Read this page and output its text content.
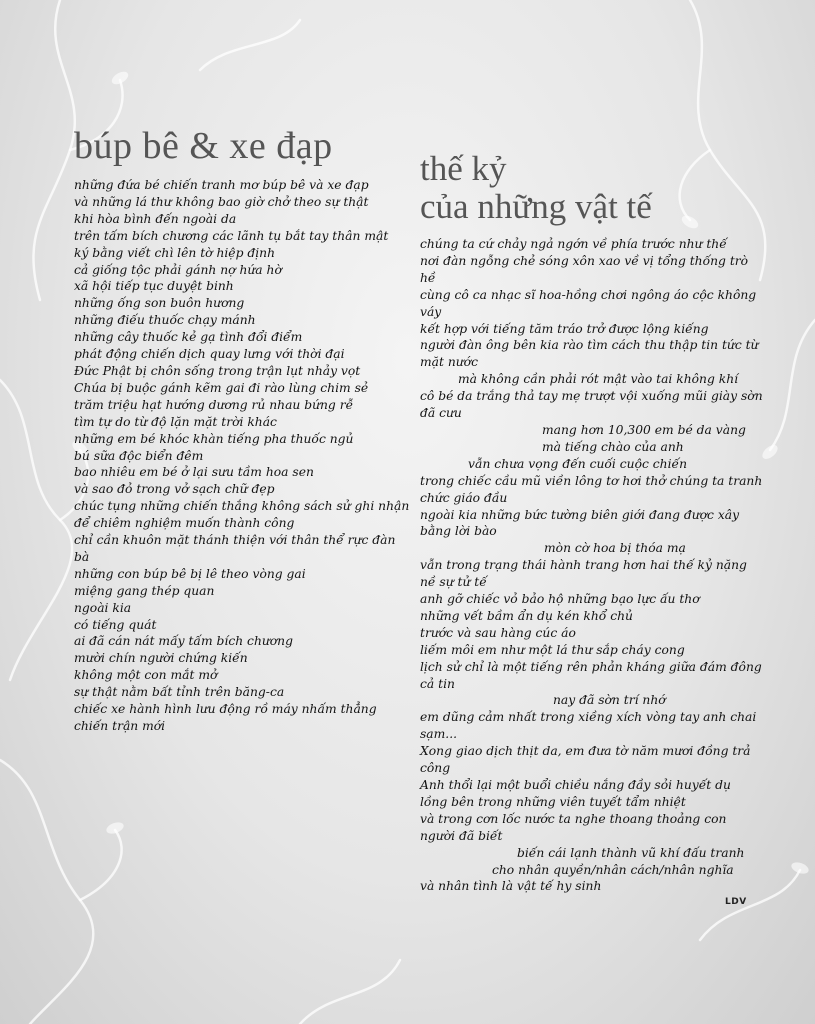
búp bê & xe đạp
thế kỷ
của những vật tế
những đứa bé chiến tranh mơ búp bê và xe đạp
và những lá thư không bao giờ chở theo sự thật
khi hòa bình đến ngoài da
trên tấm bích chương các lãnh tụ bắt tay thân mật
ký bằng viết chì lên tờ hiệp định
cả giống tộc phải gánh nợ hứa hờ
xã hội tiếp tục duyệt binh
những ống son buôn hương
những điếu thuốc chạy mánh
những cây thuốc kẻ gạ tình đổi điểm
phát động chiến dịch quay lưng với thời đại
Đức Phật bị chôn sống trong trận lụt nhảy vọt
Chúa bị buộc gánh kẽm gai đi rào lùng chim sẻ
trăm triệu hạt hướng dương rủ nhau bứng rễ
tìm tự do từ độ lặn mặt trời khác
những em bé khóc khàn tiếng pha thuốc ngủ
bú sữa độc biển đêm
bao nhiêu em bé ở lại sưu tầm hoa sen
và sao đỏ trong vở sạch chữ đẹp
chúc tụng những chiến thắng không sách sử ghi nhận
để chiêm nghiệm muốn thành công
chỉ cần khuôn mặt thánh thiện với thân thể rực đàn bà
những con búp bê bị lê theo vòng gai
miệng gang thép quan
ngoài kia
có tiếng quát
ai đã cán nát mấy tấm bích chương
mười chín người chứng kiến
không một con mắt mở
sự thật nằm bất tỉnh trên băng-ca
chiếc xe hành hình lưu động rồ máy nhấm thẳng chiến trận mới
chúng ta cứ chảy ngả ngớn về phía trước như thế
nơi đàn ngỗng chẻ sóng xôn xao về vị tổng thống trò hề
cùng cô ca nhạc sĩ hoa-hồng chơi ngông áo cộc không váy
kết hợp với tiếng tăm tráo trở được lộng kiếng
người đàn ông bên kia rào tìm cách thu thập tin tức từ mặt nước
mà không cần phải rót mật vào tai không khí
cô bé da trắng thả tay mẹ trượt vội xuống mũi giày sờn đã cưu
mang hơn 10,300 em bé da vàng mà tiếng chào của anh
vẫn chưa vọng đến cuối cuộc chiến
trong chiếc cầu mũ viền lông tơ hơi thở chúng ta tranh chức giáo đầu
ngoài kia những bức tường biên giới đang được xây bằng lời bào
mòn cờ hoa bị thóa mạ
vẫn trong trạng thái hành trang hơn hai thế kỷ nặng nề sự tử tế
anh gỡ chiếc vỏ bảo hộ những bạo lực ấu thơ
những vết bầm ẩn dụ kén khổ chủ
trước và sau hàng cúc áo
liếm môi em như một lá thư sắp cháy cong
lịch sử chỉ là một tiếng rên phản kháng giữa đám đông cả tin
nay đã sờn trí nhớ
em dũng cảm nhất trong xiềng xích vòng tay anh chai sạm...
Xong giao dịch thịt da, em đưa tờ năm mươi đồng trả công
Anh thổi lại một buổi chiều nắng đầy sỏi huyết dụ
lồng bên trong những viên tuyết tẩm nhiệt
và trong cơn lốc nước ta nghe thoang thoảng con người đã biết
biến cái lạnh thành vũ khí đấu tranh
cho nhân quyền/nhân cách/nhân nghĩa
và nhân tình là vật tế hy sinh
LDV
